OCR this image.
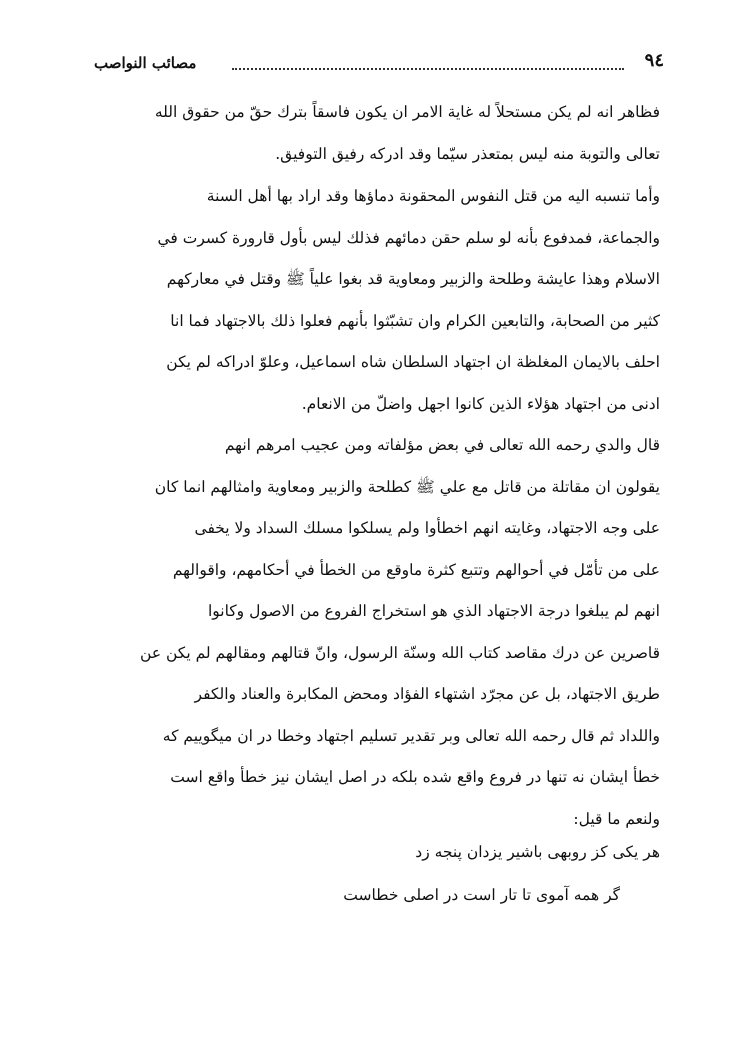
مصائب النواصب	٩٤
فظاهر انه لم يكن مستحلاً له غاية الامر ان يكون فاسقاً بترك حقّ من حقوق الله
تعالى والتوبة منه ليس بمتعذر سيّما وقد ادركه رفيق التوفيق.
وأما تنسبه اليه من قتل النفوس المحقونة دماؤها وقد اراد بها أهل السنة
والجماعة، فمدفوع بأنه لو سلم حقن دمائهم فذلك ليس بأول قارورة كسرت في
الاسلام وهذا عايشة وطلحة والزبير ومعاوية قد بغوا علياً ﷺ وقتل في معاركهم
كثير من الصحابة، والتابعين الكرام وان تشبّثوا بأنهم فعلوا ذلك بالاجتهاد فما انا
احلف بالايمان المغلظة ان اجتهاد السلطان شاه اسماعيل، وعلوّ ادراكه لم يكن
ادنى من اجتهاد هؤلاء الذين كانوا اجهل واضلّ من الانعام.
قال والدي رحمه الله تعالى في بعض مؤلفاته ومن عجيب امرهم انهم
يقولون ان مقاتلة من قاتل مع علي ﷺ كطلحة والزبير ومعاوية وامثالهم انما كان
على وجه الاجتهاد، وغايته انهم اخطأوا ولم يسلكوا مسلك السداد ولا يخفى
على من تأمّل في أحوالهم وتتبع كثرة ماوقع من الخطأ في أحكامهم، واقوالهم
انهم لم يبلغوا درجة الاجتهاد الذي هو استخراج الفروع من الاصول وكانوا
قاصرين عن درك مقاصد كتاب الله وسنّة الرسول، وانّ قتالهم ومقالهم لم يكن عن
طريق الاجتهاد، بل عن مجرّد اشتهاء الفؤاد ومحض المكابرة والعناد والكفر
واللداد ثم قال رحمه الله تعالى وبر تقدير تسليم اجتهاد وخطا در ان ميگوييم كه
خطأ ايشان نه تنها در فروع واقع شده بلكه در اصل ايشان نيز خطأ واقع است
ولنعم ما قيل:
هر یکی کز روبهی باشیر یزدان پنجه زد
گر همه آموی تا تار است در اصلی خطاست
